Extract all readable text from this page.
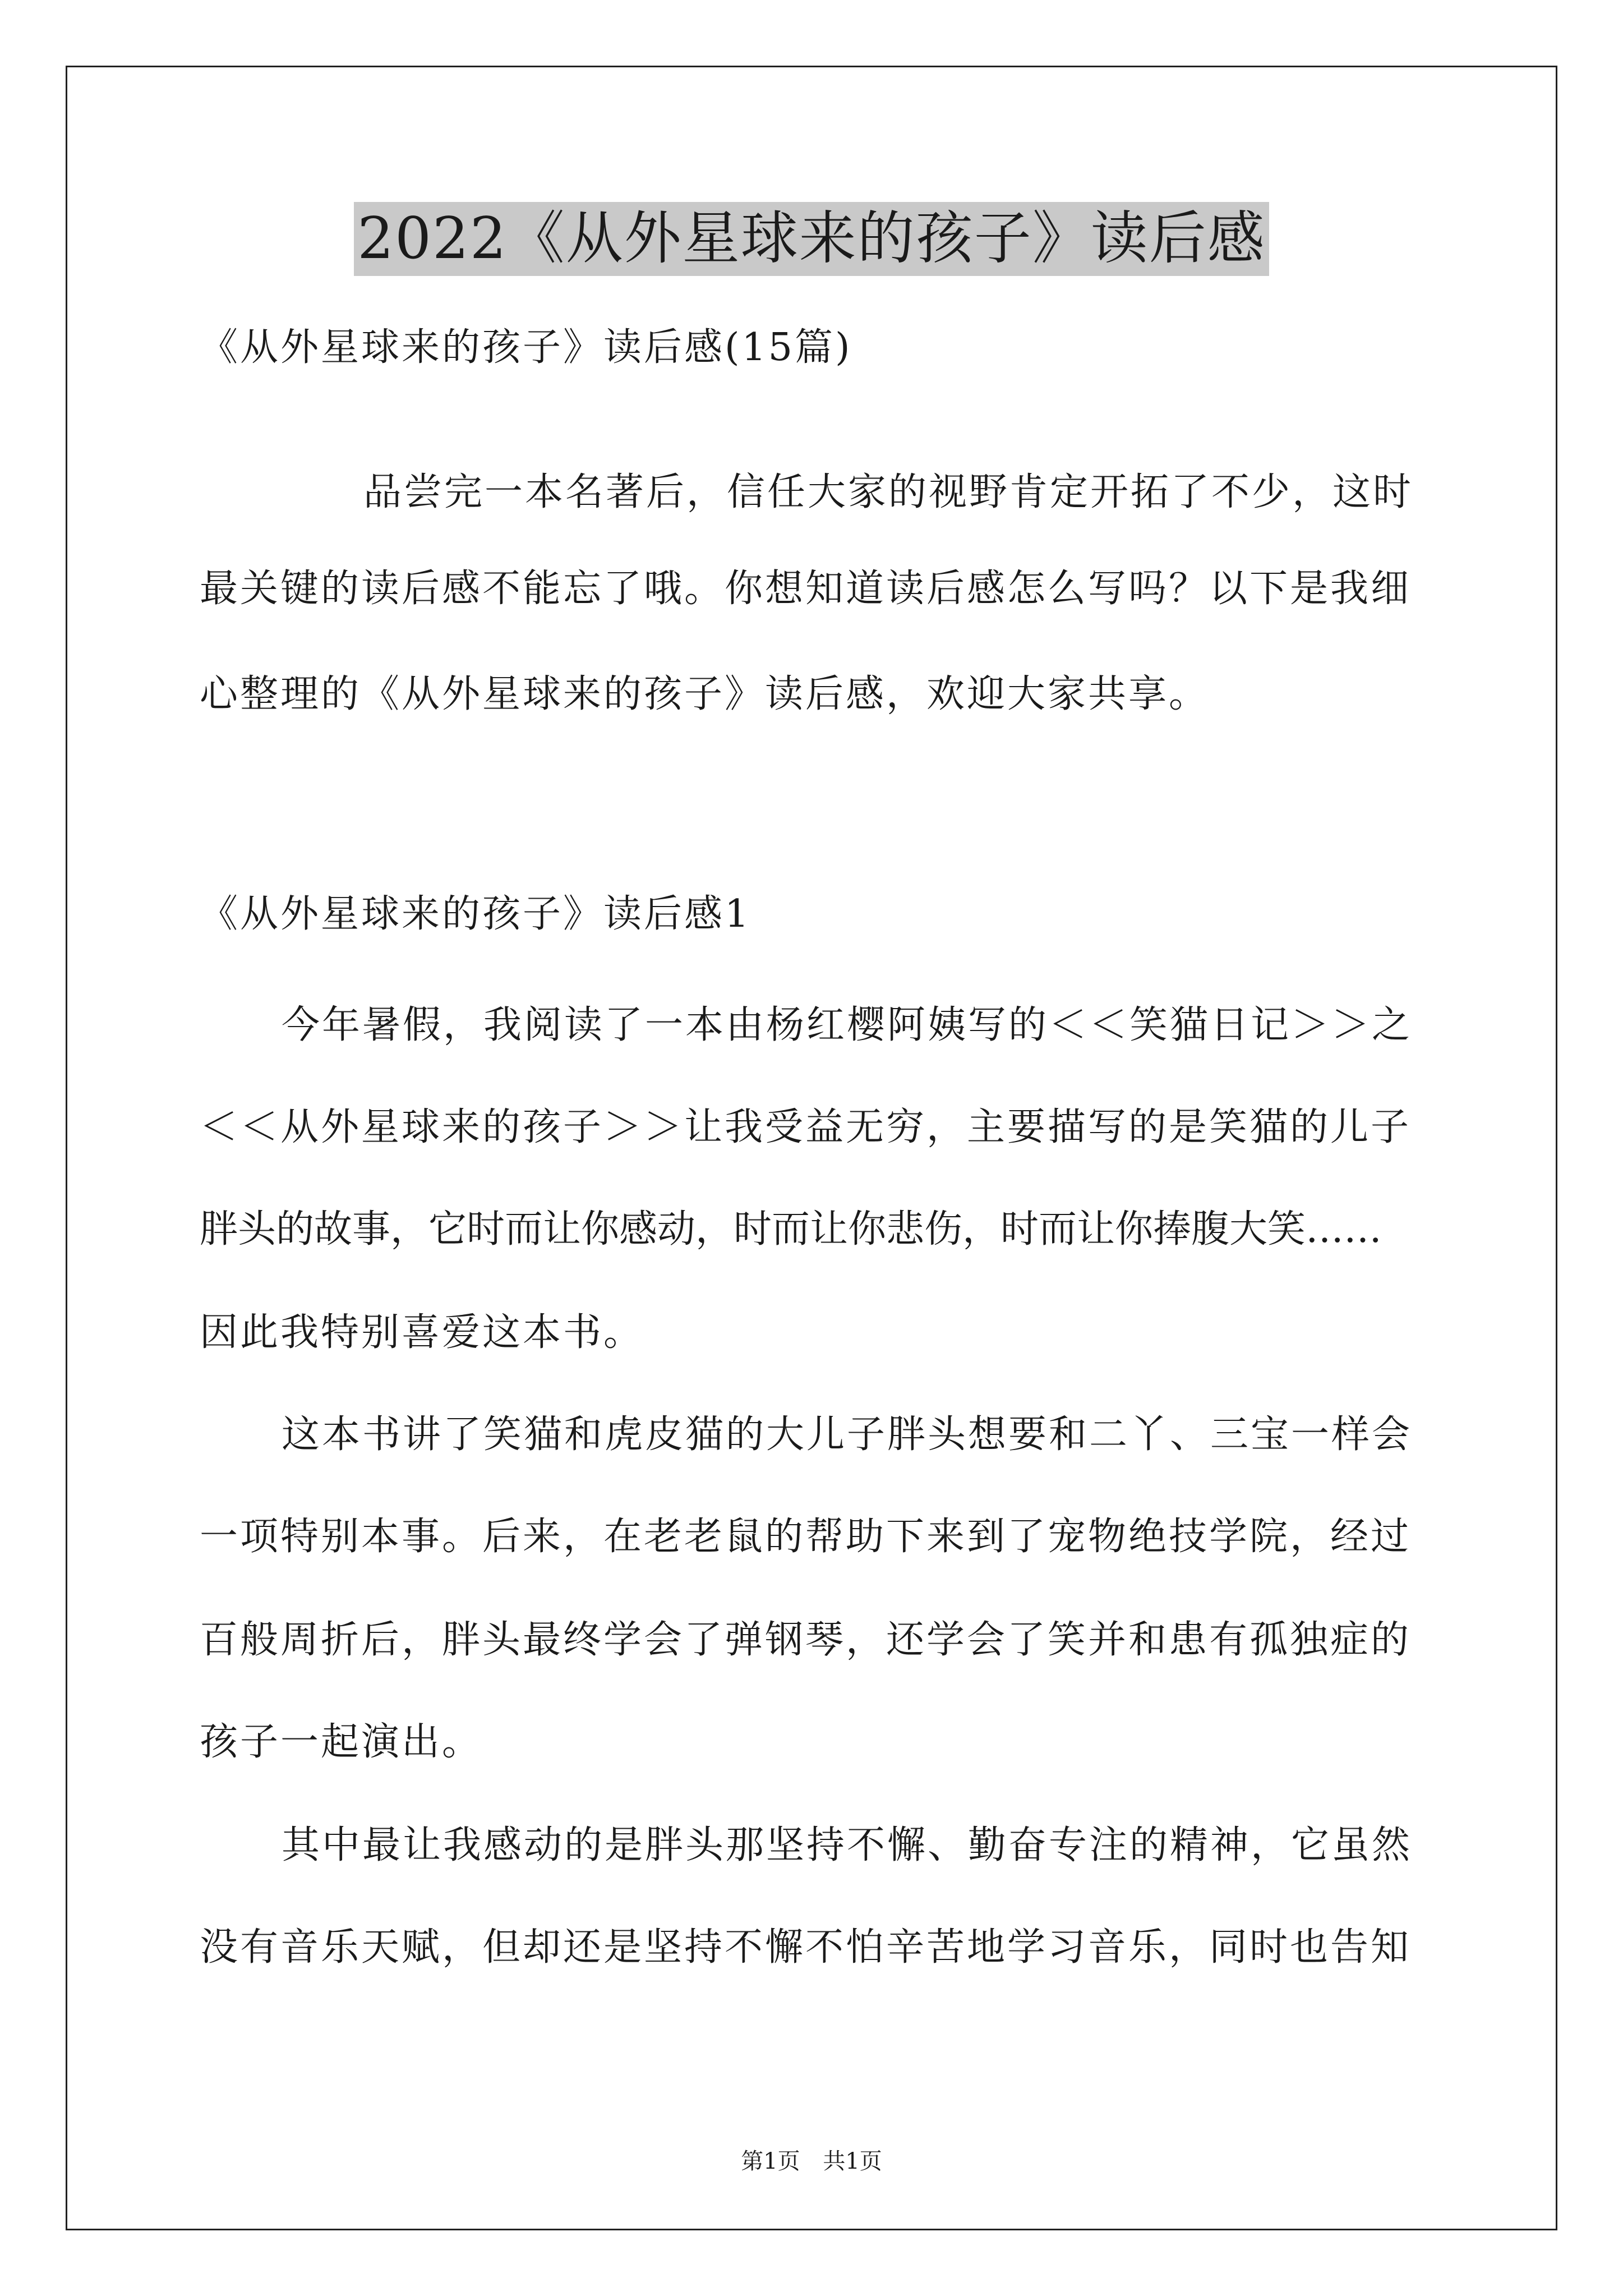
2022《从外星球来的孩子》读后感
《从外星球来的孩子》读后感(15篇)
品尝完一本名著后，信任大家的视野肯定开拓了不少，这时
最关键的读后感不能忘了哦。你想知道读后感怎么写吗？以下是我细
心整理的《从外星球来的孩子》读后感，欢迎大家共享。
《从外星球来的孩子》读后感1
今年暑假，我阅读了一本由杨红樱阿姨写的＜＜笑猫日记＞＞之
＜＜从外星球来的孩子＞＞让我受益无穷，主要描写的是笑猫的儿子
胖头的故事，它时而让你感动，时而让你悲伤，时而让你捧腹大笑……
因此我特别喜爱这本书。
这本书讲了笑猫和虎皮猫的大儿子胖头想要和二丫、三宝一样会
一项特别本事。后来，在老老鼠的帮助下来到了宠物绝技学院，经过
百般周折后，胖头最终学会了弹钢琴，还学会了笑并和患有孤独症的
孩子一起演出。
其中最让我感动的是胖头那坚持不懈、勤奋专注的精神，它虽然
没有音乐天赋，但却还是坚持不懈不怕辛苦地学习音乐，同时也告知
第1页 共1页
